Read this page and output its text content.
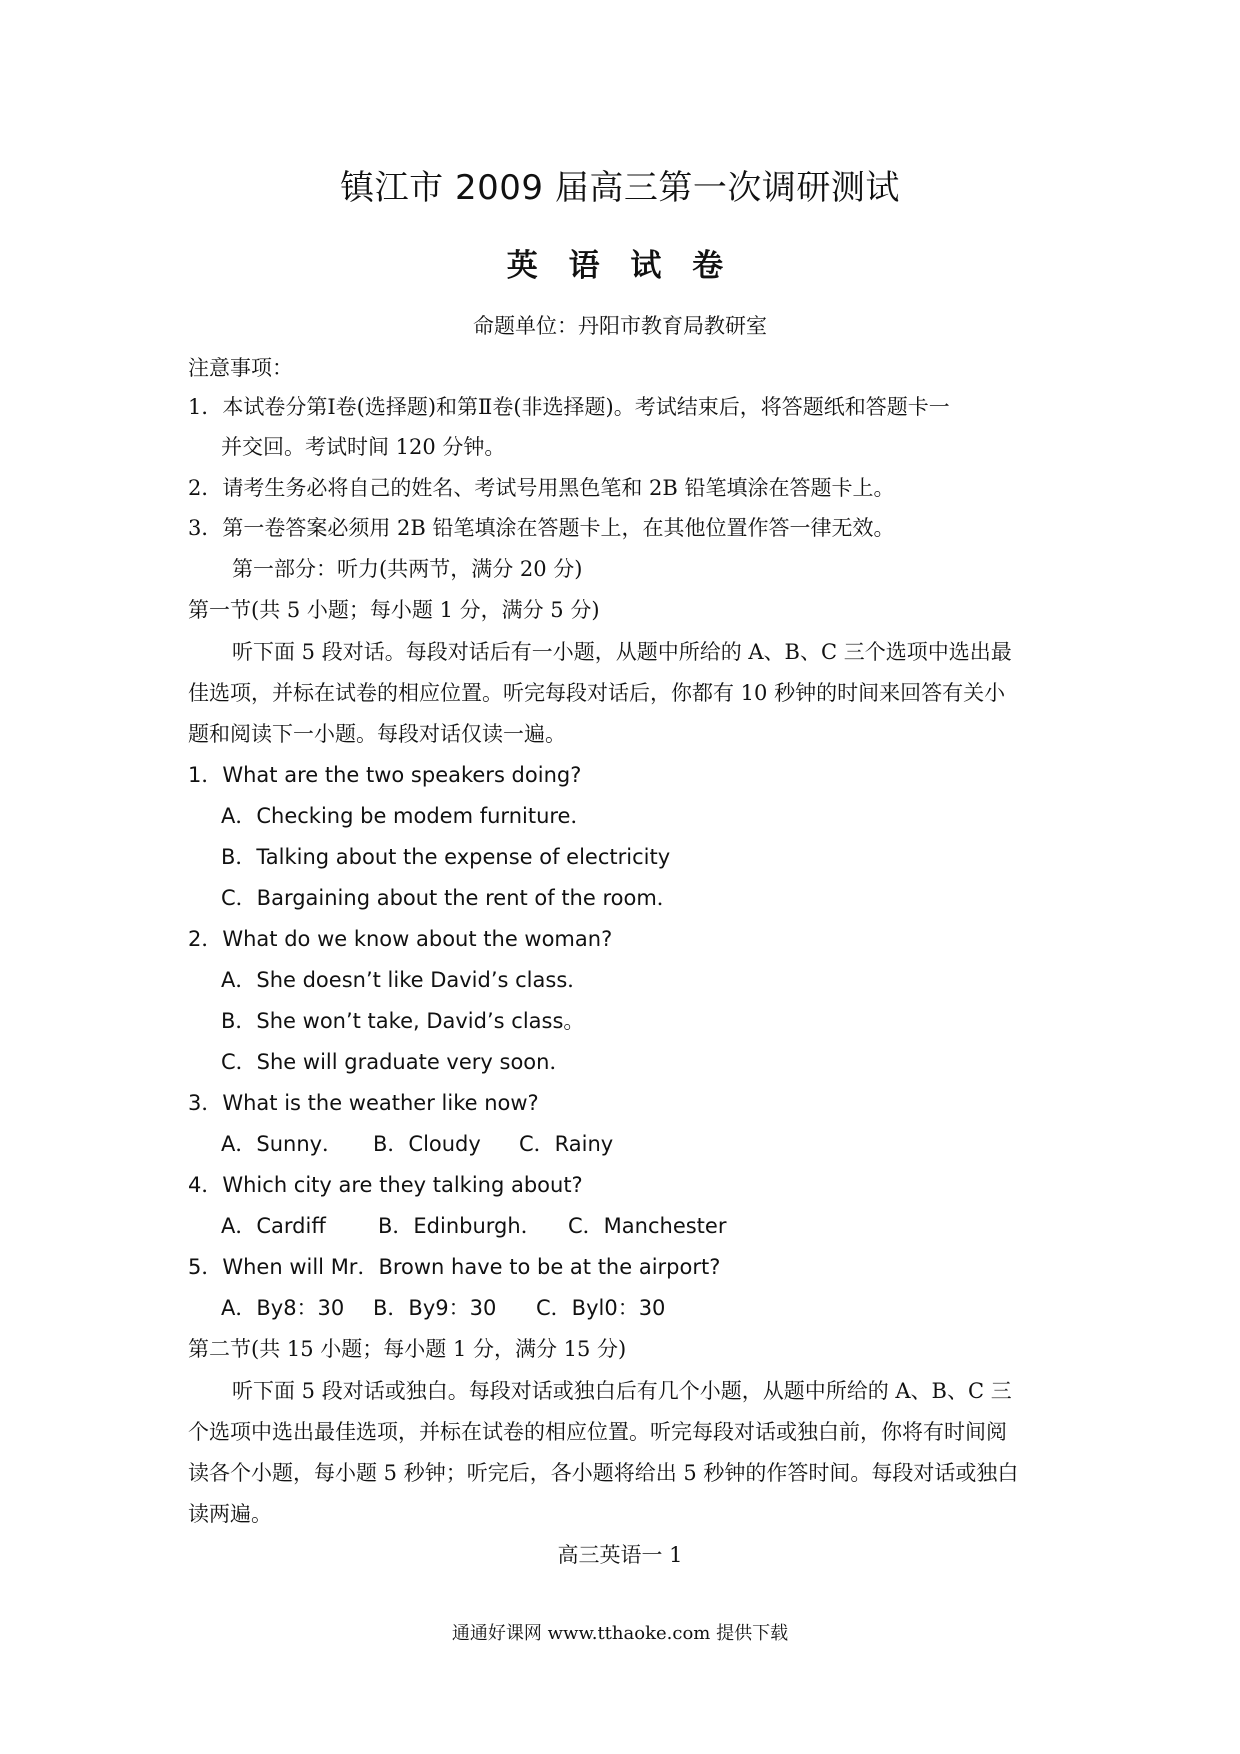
镇江市 2009 届高三第一次调研测试
英 语 试 卷
命题单位：丹阳市教育局教研室
注意事项：
1．本试卷分第Ⅰ卷(选择题)和第Ⅱ卷(非选择题)。考试结束后，将答题纸和答题卡一
并交回。考试时间 120 分钟。
2．请考生务必将自己的姓名、考试号用黑色笔和 2B 铅笔填涂在答题卡上。
3．第一卷答案必须用 2B 铅笔填涂在答题卡上，在其他位置作答一律无效。
第一部分：听力(共两节，满分 20 分)
第一节(共 5 小题；每小题 1 分，满分 5 分)
听下面 5 段对话。每段对话后有一小题，从题中所给的 A、B、C 三个选项中选出最
佳选项，并标在试卷的相应位置。听完每段对话后，你都有 10 秒钟的时间来回答有关小
题和阅读下一小题。每段对话仅读一遍。
1．What are the two speakers doing?
A．Checking be modem furniture．
B．Talking about the expense of electricity
C．Bargaining about the rent of the room．
2．What do we know about the woman?
A．She doesn’t like David’s class．
B．She won’t take, David’s class。
C．She will graduate very soon．
3．What is the weather like now?
A．Sunny． B．Cloudy C．Rainy
4．Which city are they talking about?
A．Cardiff B．Edinburgh． C．Manchester
5．When will Mr．Brown have to be at the airport?
A．By8：30 B．By9：30 C．Byl0：30
第二节(共 15 小题；每小题 1 分，满分 15 分)
听下面 5 段对话或独白。每段对话或独白后有几个小题，从题中所给的 A、B、C 三
个选项中选出最佳选项，并标在试卷的相应位置。听完每段对话或独白前，你将有时间阅
读各个小题，每小题 5 秒钟；听完后，各小题将给出 5 秒钟的作答时间。每段对话或独白
读两遍。
高三英语一 1
通通好课网 www.tthaoke.com 提供下载
